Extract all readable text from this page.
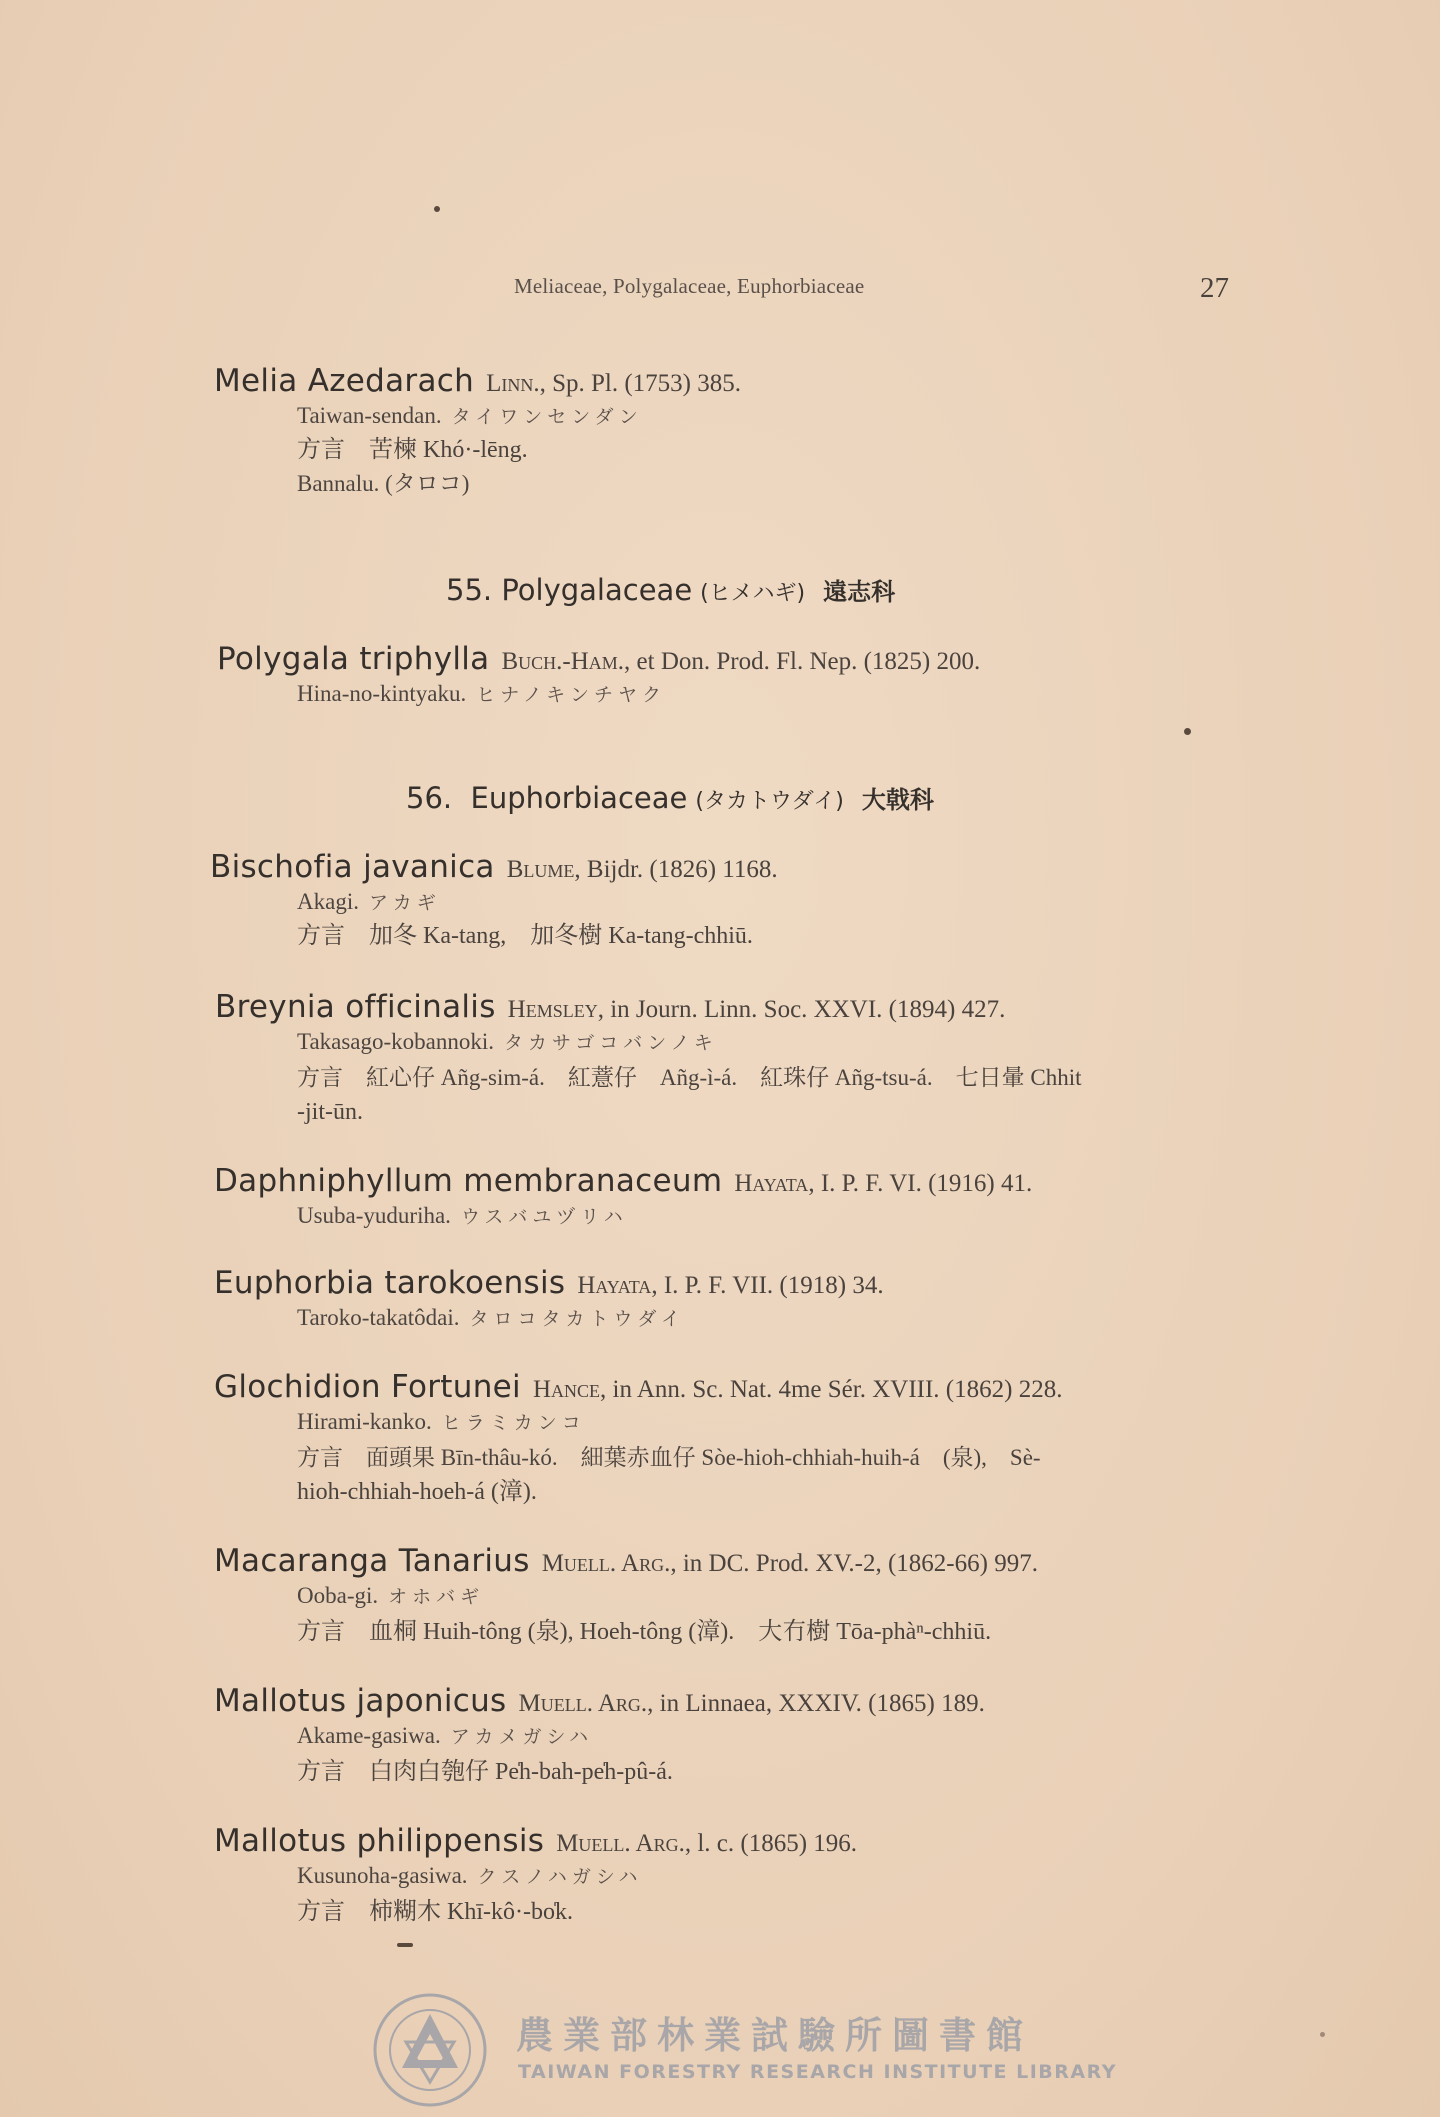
Meliaceae, Polygalaceae, Euphorbiaceae	27
Melia Azedarach Linn., Sp. Pl. (1753) 385.
Taiwan-sendan. タイワンセンダン
方言　苦楝 Khó·-lēng.
Bannalu. (タロコ)
55. Polygalaceae (ヒメハギ) 遠志科
Polygala triphylla Buch.-Ham., et Don. Prod. Fl. Nep. (1825) 200.
Hina-no-kintyaku. ヒナノキンチヤク
56.  Euphorbiaceae (タカトウダイ) 大戟科
Bischofia javanica Blume, Bijdr. (1826) 1168.
Akagi. アカギ
方言　加冬 Ka-tang,　加冬樹 Ka-tang-chhiū.
Breynia officinalis Hemsley, in Journ. Linn. Soc. XXVI. (1894) 427.
Takasago-kobannoki. タカサゴコバンノキ
方言　紅心仔 Añg-sim-á.　紅薏仔　Añg-ì-á.　紅珠仔 Añg-tsu-á.　七日暈 Chhit
-jit-ūn.
Daphniphyllum membranaceum Hayata, I. P. F. VI. (1916) 41.
Usuba-yuduriha. ウスバユヅリハ
Euphorbia tarokoensis Hayata, I. P. F. VII. (1918) 34.
Taroko-takatôdai. タロコタカトウダイ
Glochidion Fortunei Hance, in Ann. Sc. Nat. 4me Sér. XVIII. (1862) 228.
Hirami-kanko. ヒラミカンコ
方言　面頭果 Bīn-thâu-kó.　細葉赤血仔 Sòe-hioh-chhiah-huih-á　(泉),　Sè-
hioh-chhiah-hoeh-á (漳).
Macaranga Tanarius Muell. Arg., in DC. Prod. XV.-2, (1862-66) 997.
Ooba-gi. オホバギ
方言　血桐 Huih-tông (泉), Hoeh-tông (漳).　大冇樹 Tōa-phàⁿ-chhiū.
Mallotus japonicus Muell. Arg., in Linnaea, XXXIV. (1865) 189.
Akame-gasiwa. アカメガシハ
方言　白肉白匏仔 Pe̍h-bah-pe̍h-pû-á.
Mallotus philippensis Muell. Arg., l. c. (1865) 196.
Kusunoha-gasiwa. クスノハガシハ
方言　柿糊木 Khī-kô·-bo̍k.
農業部林業試驗所圖書館
TAIWAN FORESTRY RESEARCH INSTITUTE LIBRARY
